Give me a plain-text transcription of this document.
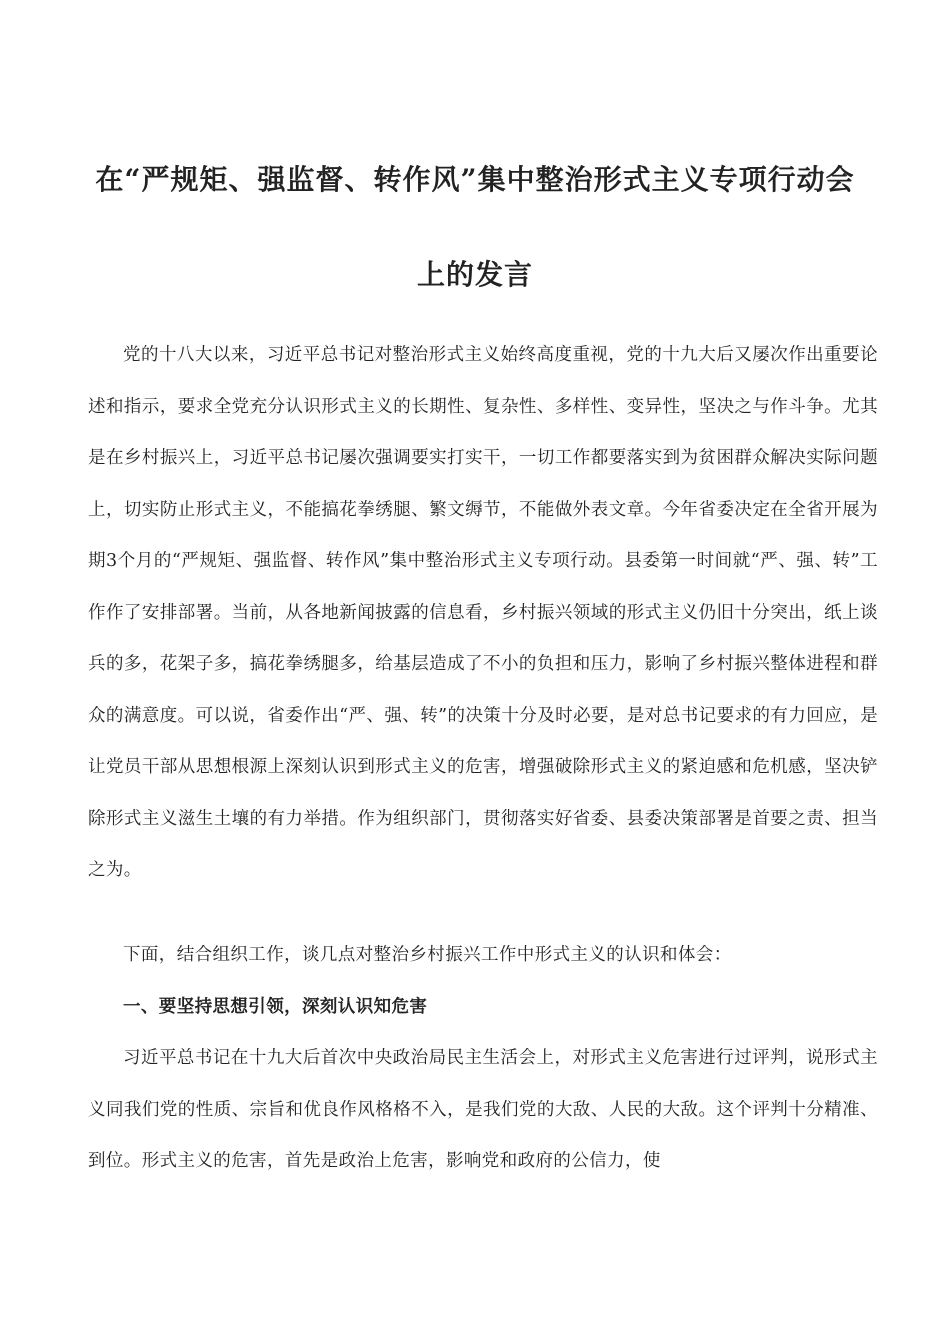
在“严规矩、强监督、转作风”集中整治形式主义专项行动会
上的发言

党的十八大以来，习近平总书记对整治形式主义始终高度重视，党的十九大后又屡次作出重要论述和指示，要求全党充分认识形式主义的长期性、复杂性、多样性、变异性，坚决之与作斗争。尤其是在乡村振兴上，习近平总书记屡次强调要实打实干，一切工作都要落实到为贫困群众解决实际问题上，切实防止形式主义，不能搞花拳绣腿、繁文缛节，不能做外表文章。今年省委决定在全省开展为期3个月的“严规矩、强监督、转作风”集中整治形式主义专项行动。县委第一时间就“严、强、转”工作作了安排部署。当前，从各地新闻披露的信息看，乡村振兴领域的形式主义仍旧十分突出，纸上谈兵的多，花架子多，搞花拳绣腿多，给基层造成了不小的负担和压力，影响了乡村振兴整体进程和群众的满意度。可以说，省委作出“严、强、转”的决策十分及时必要，是对总书记要求的有力回应，是让党员干部从思想根源上深刻认识到形式主义的危害，增强破除形式主义的紧迫感和危机感，坚决铲除形式主义滋生土壤的有力举措。作为组织部门，贯彻落实好省委、县委决策部署是首要之责、担当之为。

下面，结合组织工作，谈几点对整治乡村振兴工作中形式主义的认识和体会：

一、要坚持思想引领，深刻认识知危害

习近平总书记在十九大后首次中央政治局民主生活会上，对形式主义危害进行过评判，说形式主义同我们党的性质、宗旨和优良作风格格不入，是我们党的大敌、人民的大敌。这个评判十分精准、到位。形式主义的危害，首先是政治上危害，影响党和政府的公信力，使
